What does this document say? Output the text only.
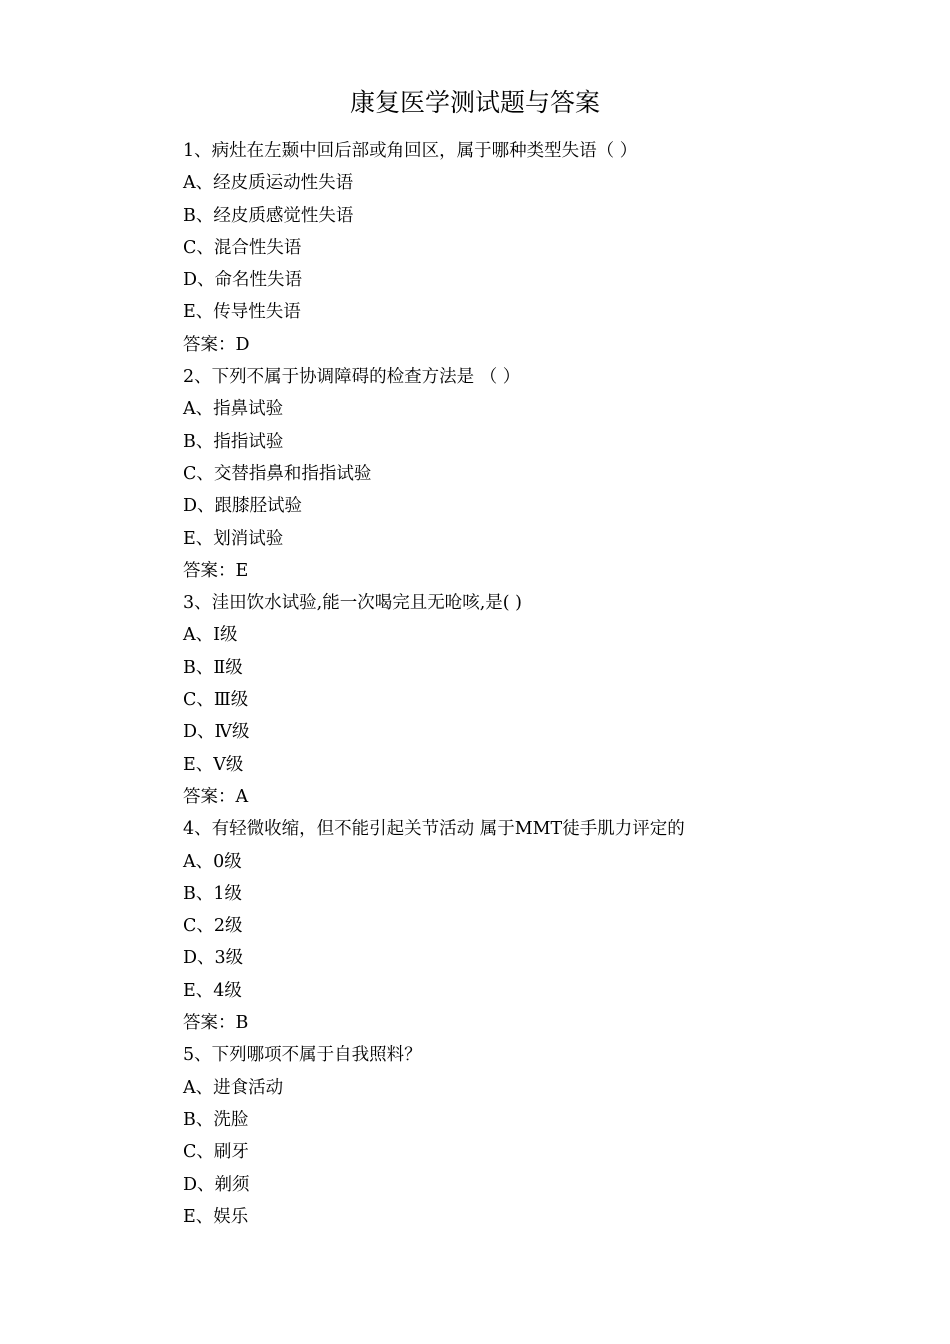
康复医学测试题与答案
1、病灶在左颞中回后部或角回区，属于哪种类型失语（ ）
A、经皮质运动性失语
B、经皮质感觉性失语
C、混合性失语
D、命名性失语
E、传导性失语
答案：D
2、下列不属于协调障碍的检查方法是 （ ）
A、指鼻试验
B、指指试验
C、交替指鼻和指指试验
D、跟膝胫试验
E、划消试验
答案：E
3、洼田饮水试验,能一次喝完且无呛咳,是( )
A、Ⅰ级
B、Ⅱ级
C、Ⅲ级
D、Ⅳ级
E、Ⅴ级
答案：A
4、有轻微收缩，但不能引起关节活动 属于MMT徒手肌力评定的
A、0级
B、1级
C、2级
D、3级
E、4级
答案：B
5、下列哪项不属于自我照料？
A、进食活动
B、洗脸
C、刷牙
D、剃须
E、娱乐
